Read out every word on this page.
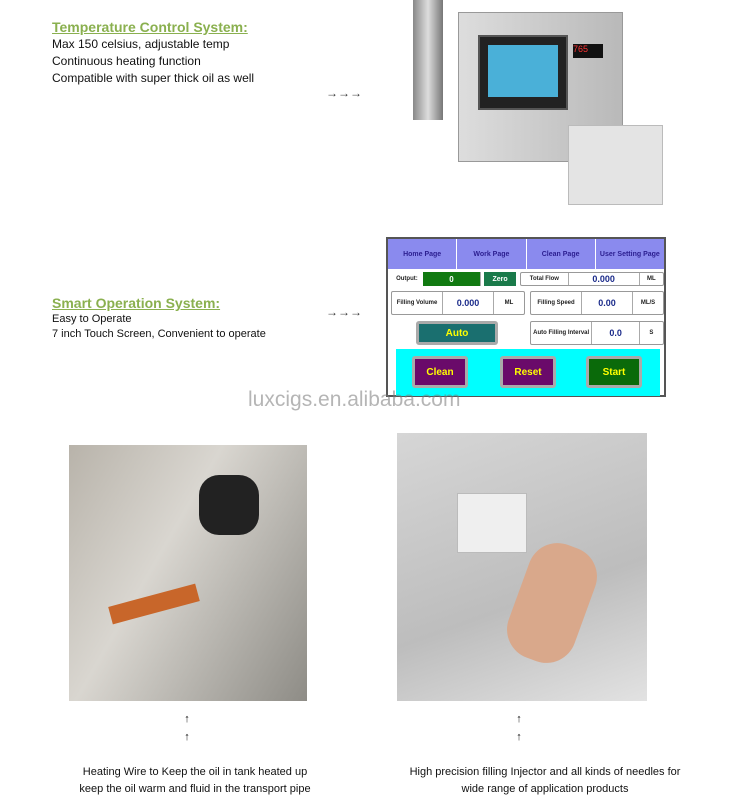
Temperature Control System:
Max 150 celsius, adjustable temp
Continuous heating function
Compatible with super thick oil as well
→→→
765
Smart Operation System:
Easy to Operate
7 inch Touch Screen, Convenient to operate
→→→
Home Page	Work Page	Clean Page	User Setting Page
Output:	0	Zero	Total Flow	0.000	ML
Filling Volume	0.000	ML	Filling Speed	0.00	ML/S
Auto	Auto Filling Interval	0.0	S
Clean	Reset	Start
luxcigs.en.alibaba.com
↑
↑
↑
↑
Heating Wire to Keep the oil in tank heated up
keep the oil warm and fluid in the transport pipe
High precision filling Injector and all kinds of needles for
wide range of application products
